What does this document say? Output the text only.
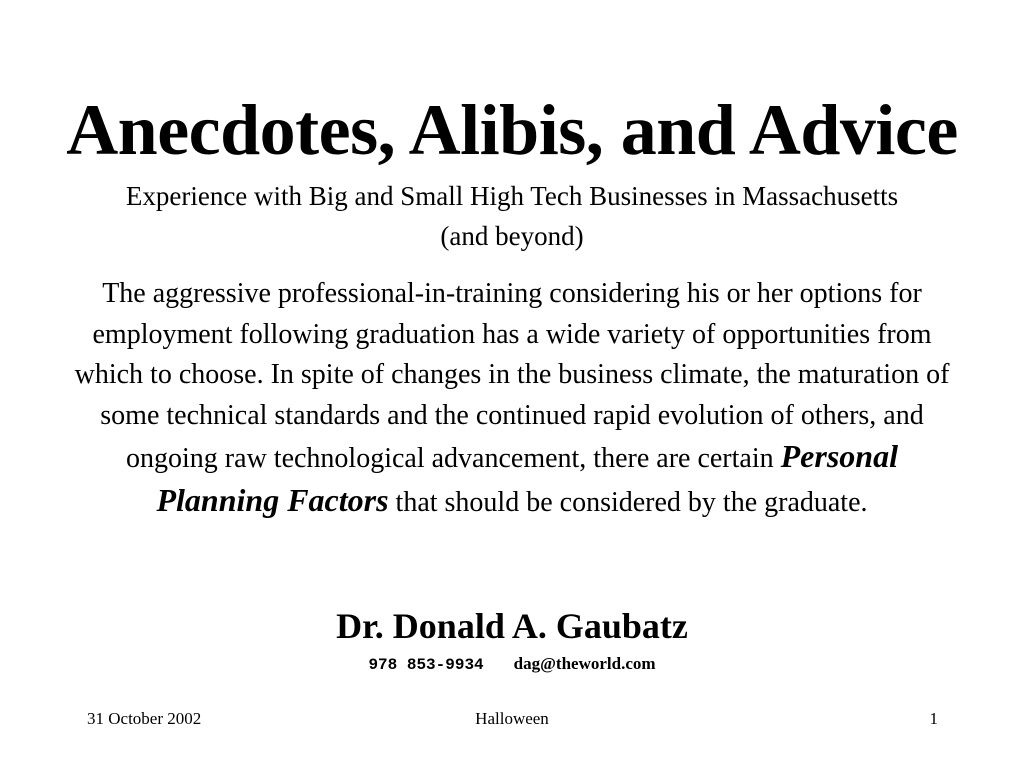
Anecdotes, Alibis, and Advice
Experience with Big and Small High Tech Businesses in Massachusetts
(and beyond)
The aggressive professional-in-training considering his or her options for employment following graduation has a wide variety of opportunities from which to choose. In spite of changes in the business climate, the maturation of some technical standards and the continued rapid evolution of others, and ongoing raw technological advancement, there are certain Personal Planning Factors that should be considered by the graduate.
Dr. Donald A. Gaubatz
978 853-9934 dag@theworld.com
31 October 2002	Halloween	1
